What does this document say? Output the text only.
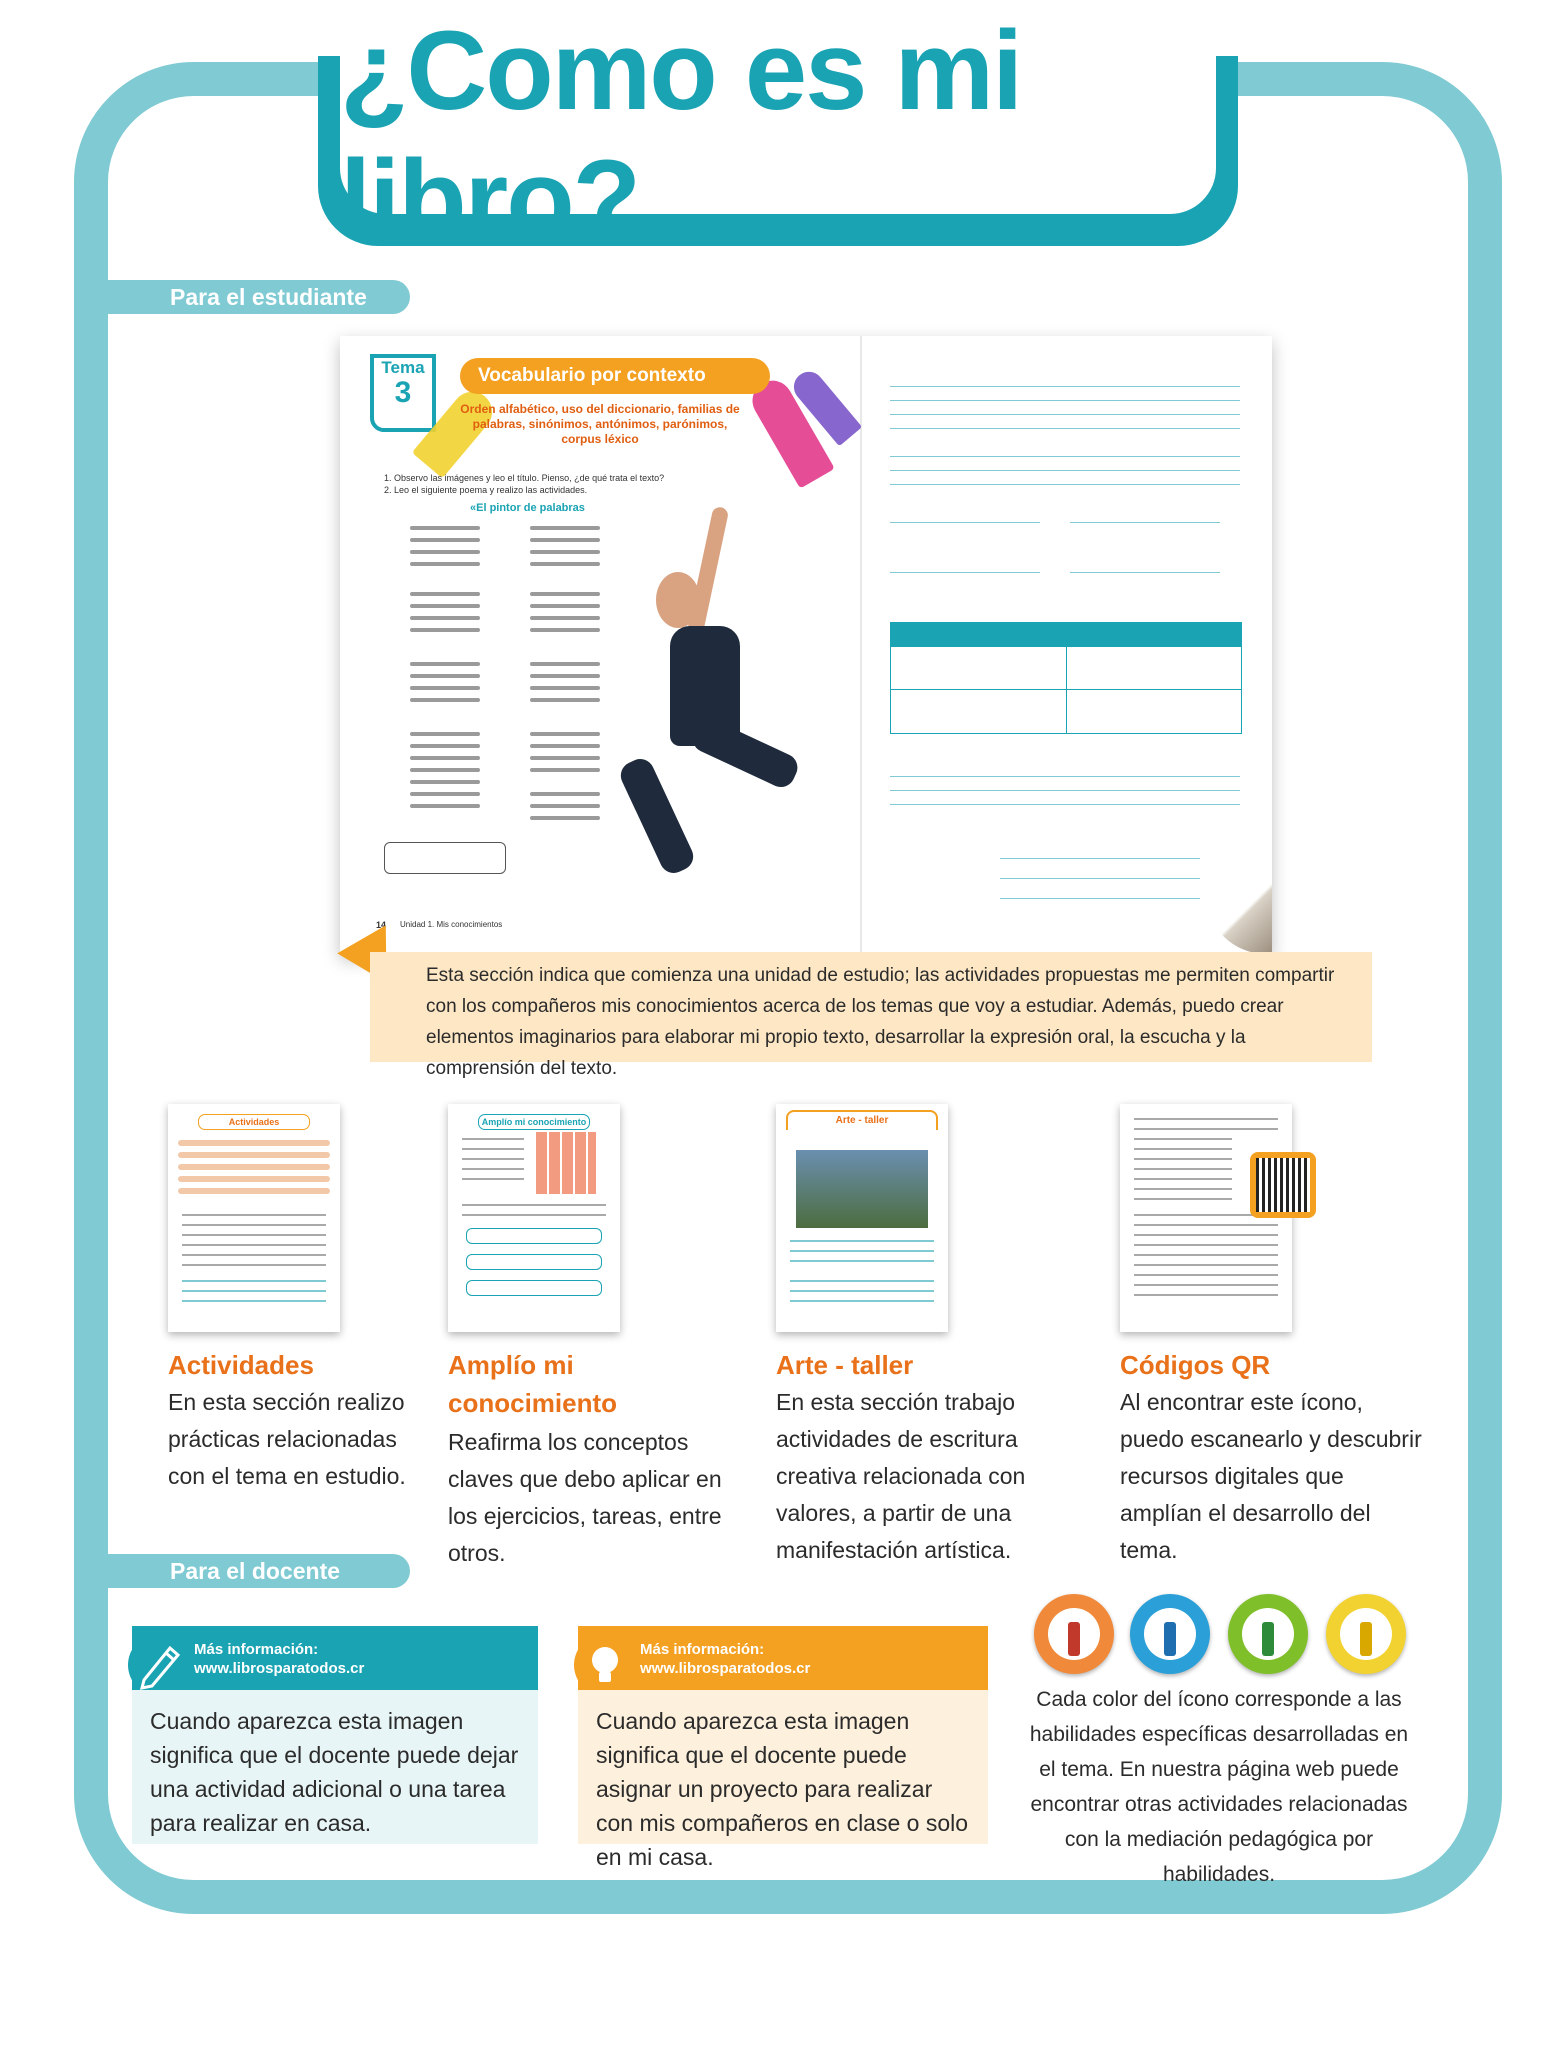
¿Como es mi libro?
Para el estudiante
Tema
3
Vocabulario por contexto
Orden alfabético, uso del diccionario, familias de palabras, sinónimos, antónimos, parónimos, corpus léxico
1. Observo las imágenes y leo el título. Pienso, ¿de qué trata el texto?
2. Leo el siguiente poema y realizo las actividades.
«El pintor de palabras
14 Unidad 1. Mis conocimientos
Esta sección indica que comienza una unidad de estudio; las actividades propuestas me permiten compartir con los compañeros mis conocimientos acerca de los temas que voy a estudiar. Además, puedo crear elementos imaginarios para elaborar mi propio texto, desarrollar la expresión oral, la escucha y la comprensión del texto.
Actividades	Amplío mi conocimiento	Arte - taller
Actividades
En esta sección realizo prácticas relacionadas con el tema en estudio.
Amplío mi conocimiento
Reafirma los conceptos claves que debo aplicar en los ejercicios, tareas, entre otros.
Arte - taller
En esta sección trabajo actividades de escritura creativa relacionada con valores, a partir de una manifestación artística.
Códigos QR
Al encontrar este ícono, puedo escanearlo y descubrir recursos digitales que amplían el desarrollo del tema.
Para el docente
Más información: www.librosparatodos.cr
Cuando aparezca esta imagen significa que el docente puede dejar una actividad adicional o una tarea para realizar en casa.
Más información: www.librosparatodos.cr
Cuando aparezca esta imagen significa que el docente puede asignar un proyecto para realizar con mis compañeros en clase o solo en mi casa.
Cada color del ícono corresponde a las habilidades específicas desarrolladas en el tema. En nuestra página web puede encontrar otras actividades relacionadas con la mediación pedagógica por habilidades.
